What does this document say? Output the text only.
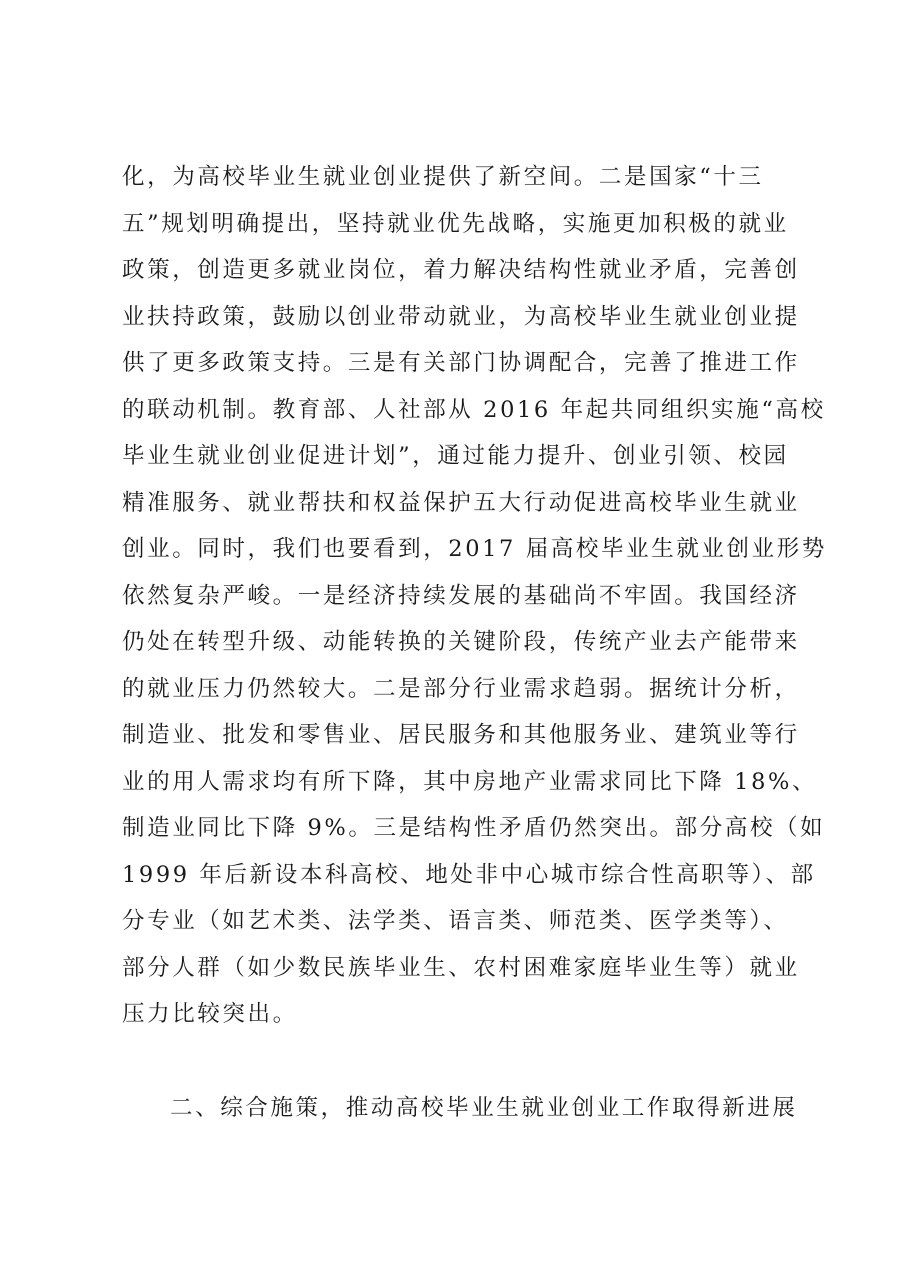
化，为高校毕业生就业创业提供了新空间。二是国家“十三
五”规划明确提出，坚持就业优先战略，实施更加积极的就业
政策，创造更多就业岗位，着力解决结构性就业矛盾，完善创
业扶持政策，鼓励以创业带动就业，为高校毕业生就业创业提
供了更多政策支持。三是有关部门协调配合，完善了推进工作
的联动机制。教育部、人社部从 2016 年起共同组织实施“高校
毕业生就业创业促进计划”，通过能力提升、创业引领、校园
精准服务、就业帮扶和权益保护五大行动促进高校毕业生就业
创业。同时，我们也要看到，2017 届高校毕业生就业创业形势
依然复杂严峻。一是经济持续发展的基础尚不牢固。我国经济
仍处在转型升级、动能转换的关键阶段，传统产业去产能带来
的就业压力仍然较大。二是部分行业需求趋弱。据统计分析，
制造业、批发和零售业、居民服务和其他服务业、建筑业等行
业的用人需求均有所下降，其中房地产业需求同比下降 18%、
制造业同比下降 9%。三是结构性矛盾仍然突出。部分高校（如
1999 年后新设本科高校、地处非中心城市综合性高职等）、部
分专业（如艺术类、法学类、语言类、师范类、医学类等）、
部分人群（如少数民族毕业生、农村困难家庭毕业生等）就业
压力比较突出。
二、综合施策，推动高校毕业生就业创业工作取得新进展
